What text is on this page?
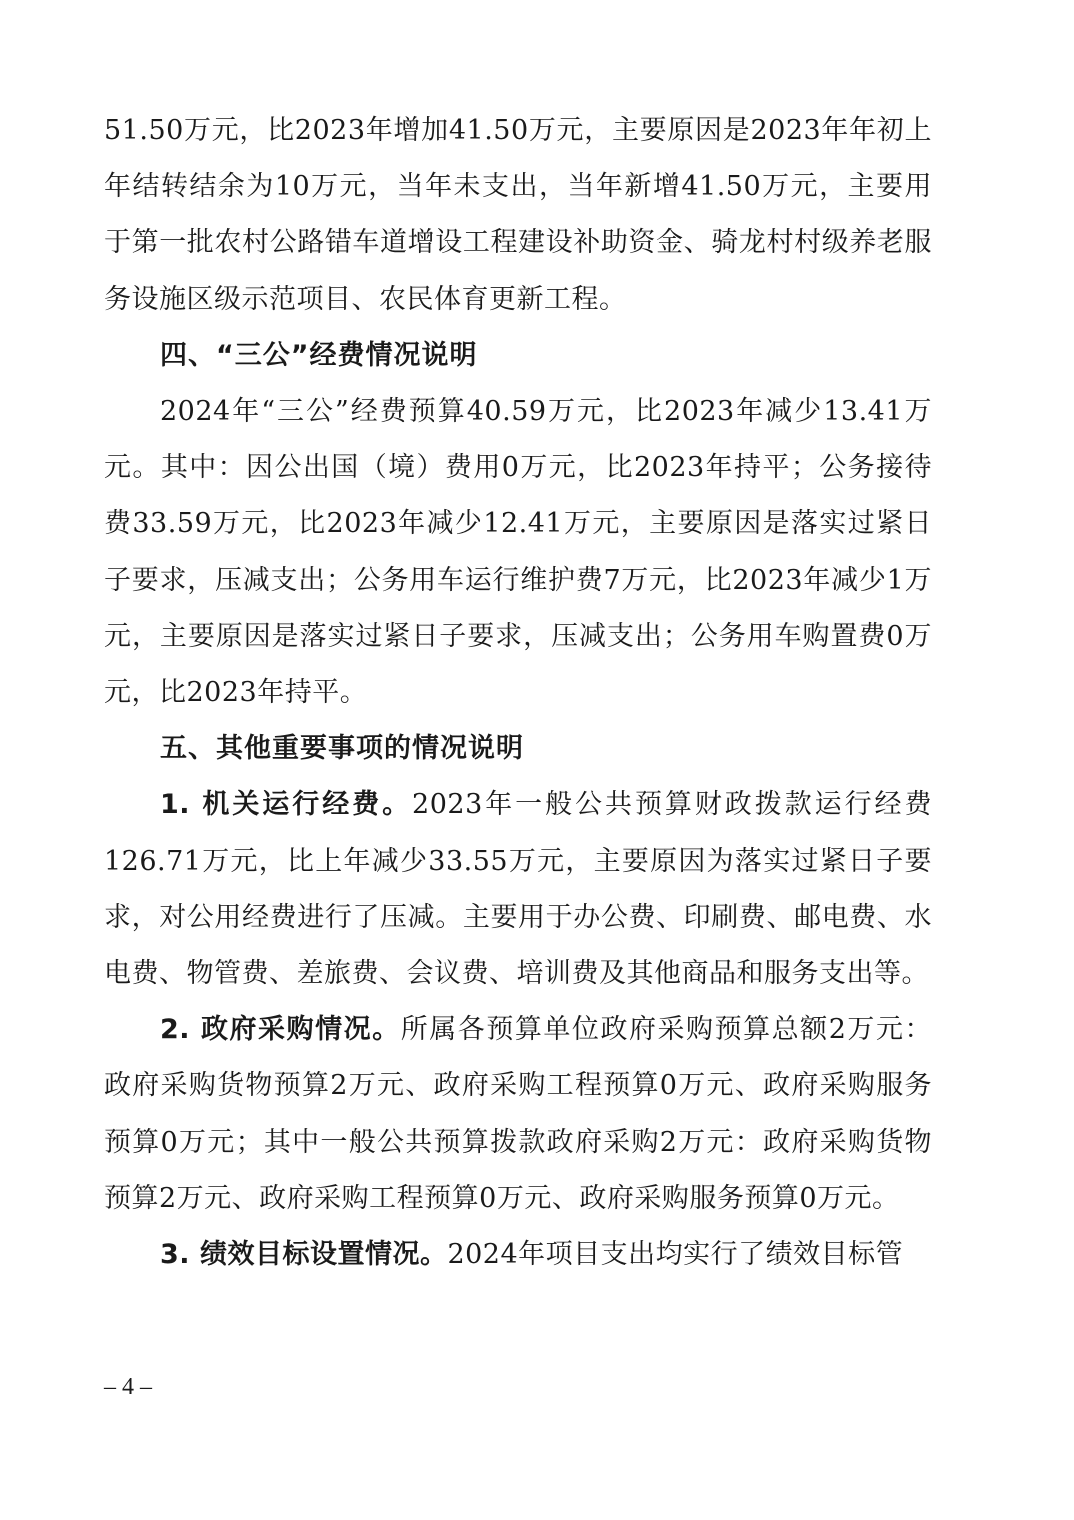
51.50万元，比2023年增加41.50万元，主要原因是2023年年初上年结转结余为10万元，当年未支出，当年新增41.50万元，主要用于第一批农村公路错车道增设工程建设补助资金、骑龙村村级养老服务设施区级示范项目、农民体育更新工程。

四、“三公”经费情况说明

2024年“三公”经费预算40.59万元，比2023年减少13.41万元。其中：因公出国（境）费用0万元，比2023年持平；公务接待费33.59万元，比2023年减少12.41万元，主要原因是落实过紧日子要求，压减支出；公务用车运行维护费7万元，比2023年减少1万元，主要原因是落实过紧日子要求，压减支出；公务用车购置费0万元，比2023年持平。

五、其他重要事项的情况说明

1. 机关运行经费。2023年一般公共预算财政拨款运行经费126.71万元，比上年减少33.55万元，主要原因为落实过紧日子要求，对公用经费进行了压减。主要用于办公费、印刷费、邮电费、水电费、物管费、差旅费、会议费、培训费及其他商品和服务支出等。

2. 政府采购情况。所属各预算单位政府采购预算总额2万元：政府采购货物预算2万元、政府采购工程预算0万元、政府采购服务预算0万元；其中一般公共预算拨款政府采购2万元：政府采购货物预算2万元、政府采购工程预算0万元、政府采购服务预算0万元。

3. 绩效目标设置情况。2024年项目支出均实行了绩效目标管

– 4 –
